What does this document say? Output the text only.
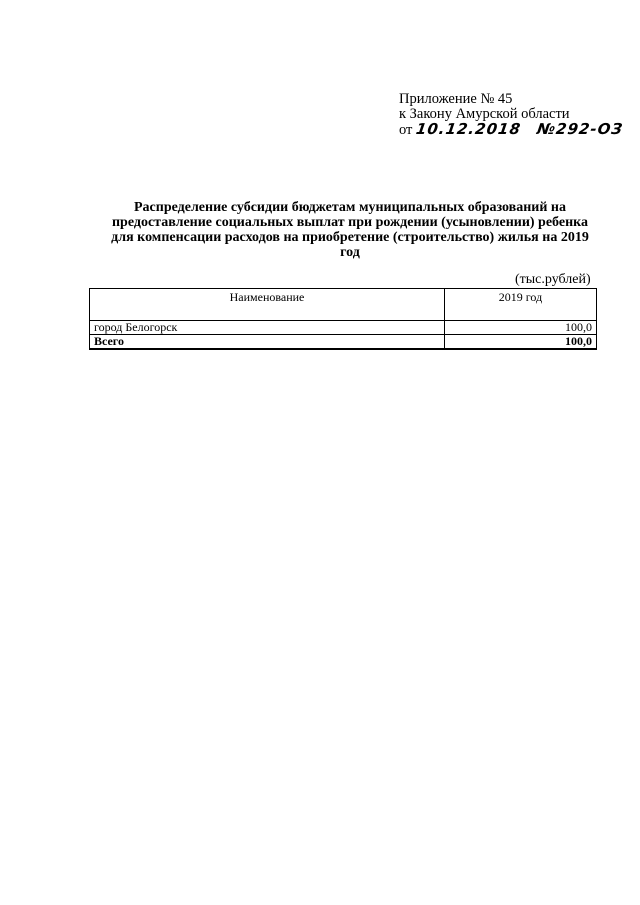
Приложение № 45
к Закону Амурской области
от 10.12.2018 №292-ОЗ
Распределение субсидии бюджетам муниципальных образований на предоставление социальных выплат при рождении (усыновлении) ребенка для компенсации расходов на приобретение (строительство) жилья на 2019 год
(тыс.рублей)
Наименование	2019 год
город Белогорск	100,0
Всего	100,0
